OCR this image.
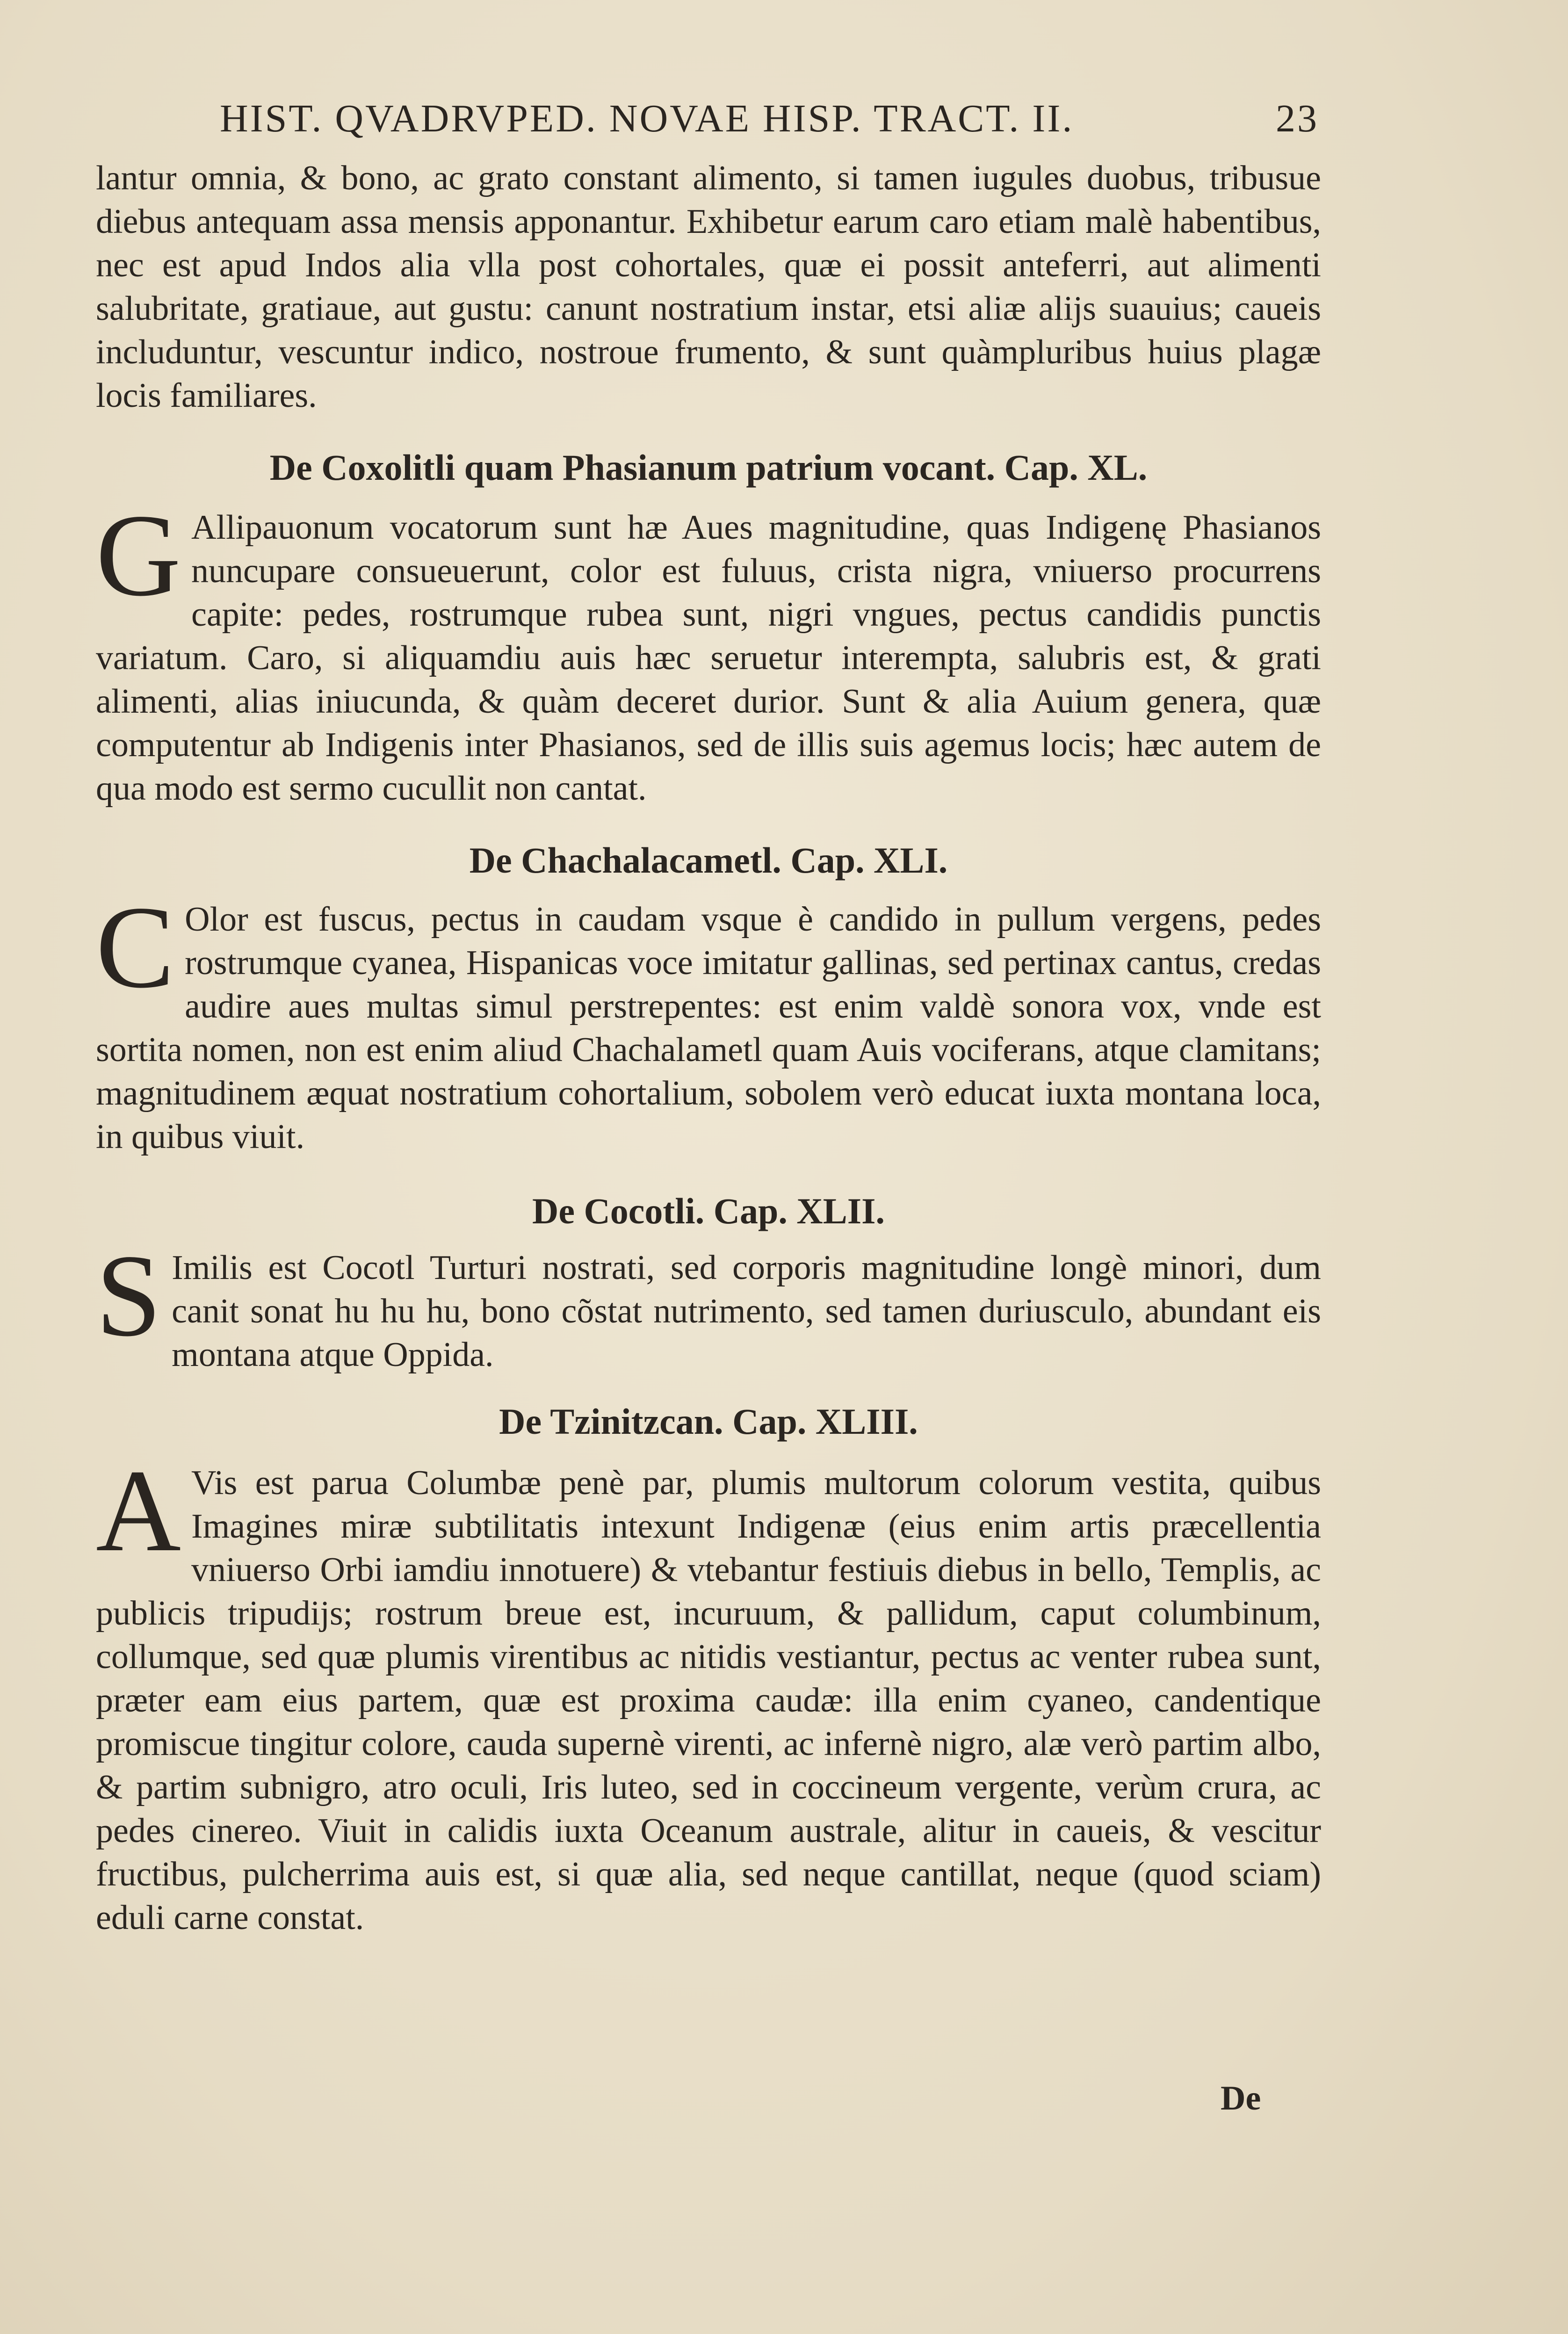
HIST. QVADRVPED. NOVAE HISP. TRACT. II.	23

lantur omnia, & bono, ac grato constant alimento, si tamen iugules duobus, tribusue diebus antequam assa mensis apponantur. Exhibetur earum caro etiam malè habentibus, nec est apud Indos alia vlla post cohortales, quæ ei possit anteferri, aut alimenti salubritate, gratiaue, aut gustu: canunt nostratium instar, etsi aliæ alijs suauius; caueis includuntur, vescuntur indico, nostroue frumento, & sunt quàmpluribus huius plagæ locis familiares.

De Coxolitli quam Phasianum patrium vocant. Cap. XL.

G Allipauonum vocatorum sunt hæ Aues magnitudine, quas Indigenę Phasianos nuncupare consueuerunt, color est fuluus, crista nigra, vniuerso procurrens capite: pedes, rostrumque rubea sunt, nigri vngues, pectus candidis punctis variatum. Caro, si aliquamdiu auis hæc seruetur interempta, salubris est, & grati alimenti, alias iniucunda, & quàm deceret durior. Sunt & alia Auium genera, quæ computentur ab Indigenis inter Phasianos, sed de illis suis agemus locis; hæc autem de qua modo est sermo cucullit non cantat.

De Chachalacametl. Cap. XLI.

C Olor est fuscus, pectus in caudam vsque è candido in pullum vergens, pedes rostrumque cyanea, Hispanicas voce imitatur gallinas, sed pertinax cantus, credas audire aues multas simul perstrepentes: est enim valdè sonora vox, vnde est sortita nomen, non est enim aliud Chachalametl quam Auis vociferans, atque clamitans; magnitudinem æquat nostratium cohortalium, sobolem verò educat iuxta montana loca, in quibus viuit.

De Cocotli. Cap. XLII.

S Imilis est Cocotl Turturi nostrati, sed corporis magnitudine longè minori, dum canit sonat hu hu hu, bono cõstat nutrimento, sed tamen duriusculo, abundant eis montana atque Oppida.

De Tzinitzcan. Cap. XLIII.

A Vis est parua Columbæ penè par, plumis multorum colorum vestita, quibus Imagines miræ subtilitatis intexunt Indigenæ (eius enim artis præcellentia vniuerso Orbi iamdiu innotuere) & vtebantur festiuis diebus in bello, Templis, ac publicis tripudijs; rostrum breue est, incuruum, & pallidum, caput columbinum, collumque, sed quæ plumis virentibus ac nitidis vestiantur, pectus ac venter rubea sunt, præter eam eius partem, quæ est proxima caudæ: illa enim cyaneo, candentique promiscue tingitur colore, cauda supernè virenti, ac infernè nigro, alæ verò partim albo, & partim subnigro, atro oculi, Iris luteo, sed in coccineum vergente, verùm crura, ac pedes cinereo. Viuit in calidis iuxta Oceanum australe, alitur in caueis, & vescitur fructibus, pulcherrima auis est, si quæ alia, sed neque cantillat, neque (quod sciam) eduli carne constat.

De
